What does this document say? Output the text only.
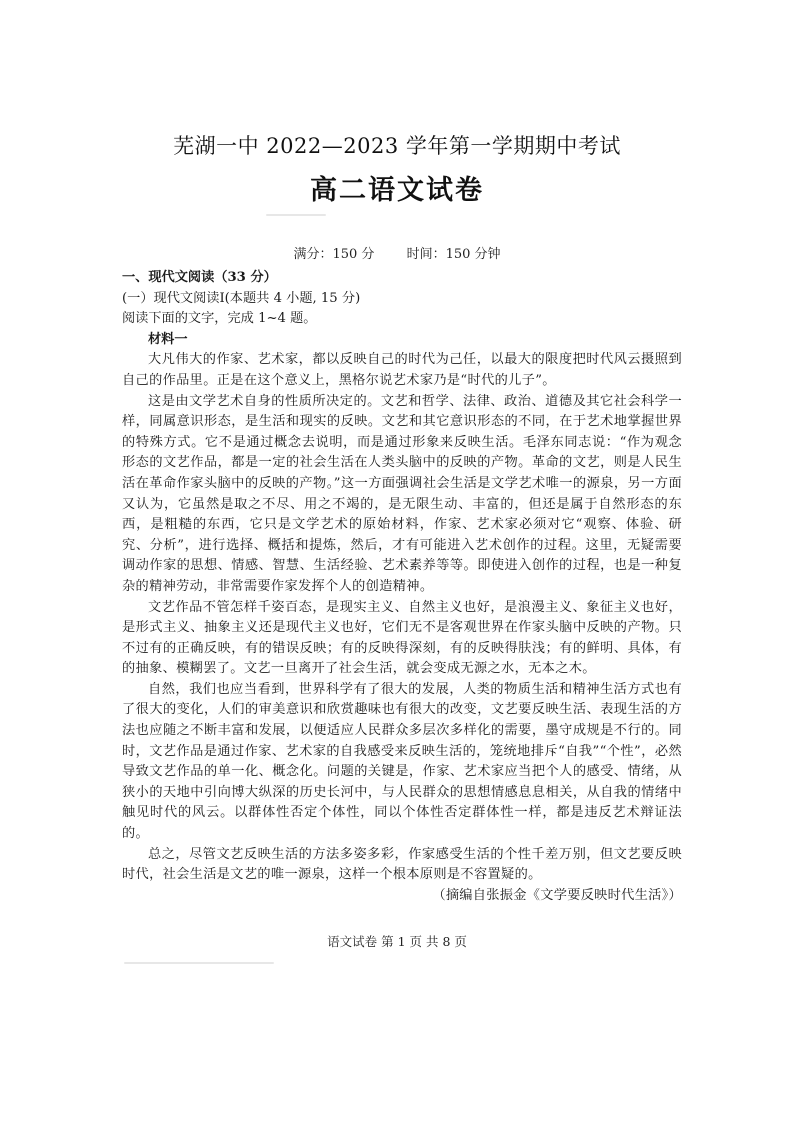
芜湖一中 2022—2023 学年第一学期期中考试
高二语文试卷
满分：150 分 时间：150 分钟

一、现代文阅读（33 分）

(一）现代文阅读Ⅰ(本题共 4 小题, 15 分)

阅读下面的文字，完成 1~4 题。

材料一

大凡伟大的作家、艺术家，都以反映自己的时代为己任，以最大的限度把时代风云摄照到自己的作品里。正是在这个意义上，黑格尔说艺术家乃是“时代的儿子”。

这是由文学艺术自身的性质所决定的。文艺和哲学、法律、政治、道德及其它社会科学一样，同属意识形态，是生活和现实的反映。文艺和其它意识形态的不同，在于艺术地掌握世界的特殊方式。它不是通过概念去说明，而是通过形象来反映生活。毛泽东同志说：“作为观念形态的文艺作品，都是一定的社会生活在人类头脑中的反映的产物。革命的文艺，则是人民生活在革命作家头脑中的反映的产物。”这一方面强调社会生活是文学艺术唯一的源泉，另一方面又认为，它虽然是取之不尽、用之不竭的，是无限生动、丰富的，但还是属于自然形态的东西，是粗糙的东西，它只是文学艺术的原始材料，作家、艺术家必须对它“观察、体验、研究、分析”，进行选择、概括和提炼，然后，才有可能进入艺术创作的过程。这里，无疑需要调动作家的思想、情感、智慧、生活经验、艺术素养等等。即使进入创作的过程，也是一种复杂的精神劳动，非常需要作家发挥个人的创造精神。

文艺作品不管怎样千姿百态，是现实主义、自然主义也好，是浪漫主义、象征主义也好，是形式主义、抽象主义还是现代主义也好，它们无不是客观世界在作家头脑中反映的产物。只不过有的正确反映，有的错误反映；有的反映得深刻，有的反映得肤浅；有的鲜明、具体，有的抽象、模糊罢了。文艺一旦离开了社会生活，就会变成无源之水，无本之木。

自然，我们也应当看到，世界科学有了很大的发展，人类的物质生活和精神生活方式也有了很大的变化，人们的审美意识和欣赏趣味也有很大的改变，文艺要反映生活、表现生活的方法也应随之不断丰富和发展，以便适应人民群众多层次多样化的需要，墨守成规是不行的。同时，文艺作品是通过作家、艺术家的自我感受来反映生活的，笼统地排斥“自我”“个性”，必然导致文艺作品的单一化、概念化。问题的关键是，作家、艺术家应当把个人的感受、情绪，从狭小的天地中引向博大纵深的历史长河中，与人民群众的思想情感息息相关，从自我的情绪中触见时代的风云。以群体性否定个体性，同以个体性否定群体性一样，都是违反艺术辩证法的。

总之，尽管文艺反映生活的方法多姿多彩，作家感受生活的个性千差万别，但文艺要反映时代，社会生活是文艺的唯一源泉，这样一个根本原则是不容置疑的。

（摘编自张振金《文学要反映时代生活》）

语文试卷 第 1 页 共 8 页
